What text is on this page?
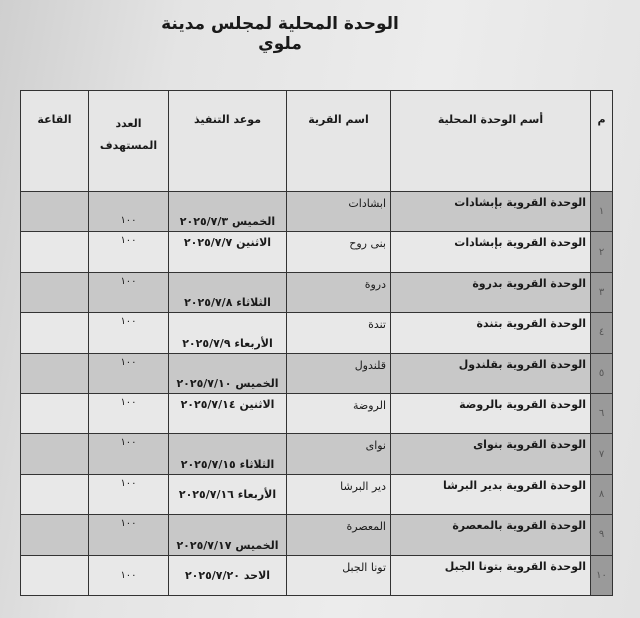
الوحدة المحلية لمجلس مدينة ملوي
م	أسم الوحدة المحلية	اسم القرية	موعد التنفيذ	العدد المستهدف	القاعة
١	الوحدة القروية بإبشادات	ابشادات	الخميس ٢٠٢٥/٧/٣	١٠٠	
٢	الوحدة القروية بإبشادات	بنى روح	الاثنين ٢٠٢٥/٧/٧	١٠٠	
٣	الوحدة القروية بدروة	دروة	الثلاثاء ٢٠٢٥/٧/٨	١٠٠	
٤	الوحدة القروية بتندة	تندة	الأربعاء ٢٠٢٥/٧/٩	١٠٠	
٥	الوحدة القروية بقلندول	قلندول	الخميس ٢٠٢٥/٧/١٠	١٠٠	
٦	الوحدة القروية بالروضة	الروضة	الاثنين ٢٠٢٥/٧/١٤	١٠٠	
٧	الوحدة القروية بنواى	نواى	الثلاثاء ٢٠٢٥/٧/١٥	١٠٠	
٨	الوحدة القروية بدير البرشا	دير البرشا	الأربعاء ٢٠٢٥/٧/١٦	١٠٠	
٩	الوحدة القروية بالمعصرة	المعصرة	الخميس ٢٠٢٥/٧/١٧	١٠٠	
١٠	الوحدة القروية بتونا الجبل	تونا الجبل	الاحد ٢٠٢٥/٧/٢٠	١٠٠	
